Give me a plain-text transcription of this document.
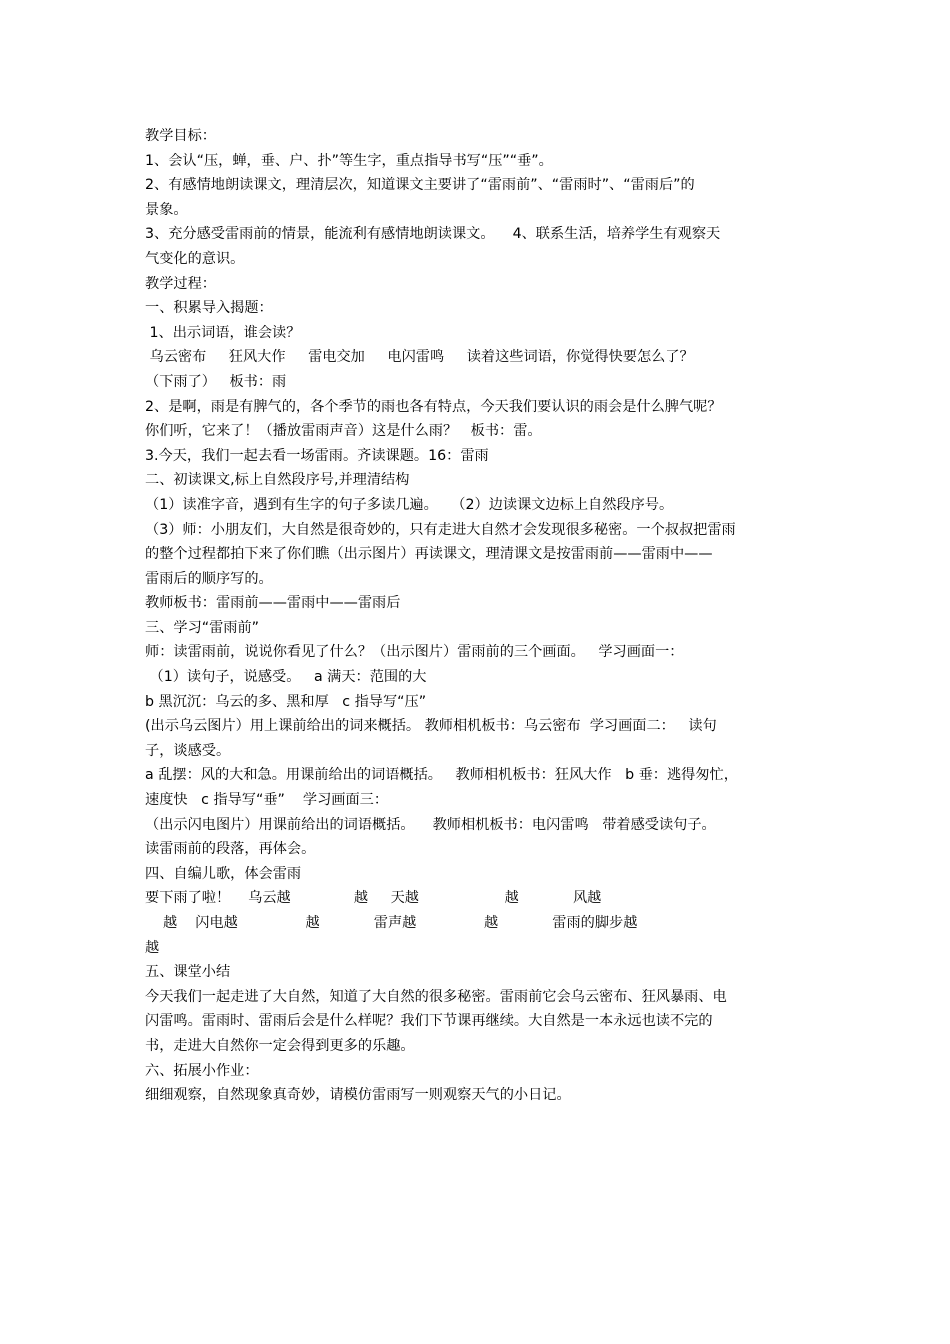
教学目标：
1、会认“压，蝉，垂、户、扑”等生字，重点指导书写“压”“垂”。
2、有感情地朗读课文，理清层次，知道课文主要讲了“雷雨前”、“雷雨时”、“雷雨后”的
景象。
3、充分感受雷雨前的情景，能流利有感情地朗读课文。    4、联系生活，培养学生有观察天
气变化的意识。
教学过程：
一、积累导入揭题：
1、出示词语，谁会读？
乌云密布     狂风大作     雷电交加     电闪雷鸣     读着这些词语，你觉得快要怎么了？
（下雨了）   板书：雨
2、是啊，雨是有脾气的，各个季节的雨也各有特点，今天我们要认识的雨会是什么脾气呢？
你们听，它来了！（播放雷雨声音）这是什么雨？   板书：雷。
3.今天，我们一起去看一场雷雨。齐读课题。16：雷雨
二、初读课文,标上自然段序号,并理清结构
（1）读准字音，遇到有生字的句子多读几遍。   （2）边读课文边标上自然段序号。
（3）师：小朋友们，大自然是很奇妙的，只有走进大自然才会发现很多秘密。一个叔叔把雷雨
的整个过程都拍下来了你们瞧（出示图片）再读课文，理清课文是按雷雨前——雷雨中——
雷雨后的顺序写的。
教师板书：雷雨前——雷雨中——雷雨后
三、学习“雷雨前”
师：读雷雨前，说说你看见了什么？（出示图片）雷雨前的三个画面。   学习画面一：
（1）读句子，说感受。   a 满天：范围的大
b 黑沉沉：乌云的多、黑和厚   c 指导写“压”
(出示乌云图片）用上课前给出的词来概括。 教师相机板书：乌云密布  学习画面二：   读句
子，谈感受。
a 乱摆：风的大和急。用课前给出的词语概括。   教师相机板书：狂风大作   b 垂：逃得匆忙，
速度快   c 指导写“垂”    学习画面三：
（出示闪电图片）用课前给出的词语概括。    教师相机板书：电闪雷鸣   带着感受读句子。
读雷雨前的段落，再体会。
四、自编儿歌，体会雷雨
要下雨了啦！    乌云越              越     天越                   越            风越
越    闪电越               越            雷声越               越            雷雨的脚步越
越
五、课堂小结
今天我们一起走进了大自然，知道了大自然的很多秘密。雷雨前它会乌云密布、狂风暴雨、电
闪雷鸣。雷雨时、雷雨后会是什么样呢？我们下节课再继续。大自然是一本永远也读不完的
书，走进大自然你一定会得到更多的乐趣。
六、拓展小作业：
细细观察，自然现象真奇妙，请模仿雷雨写一则观察天气的小日记。
